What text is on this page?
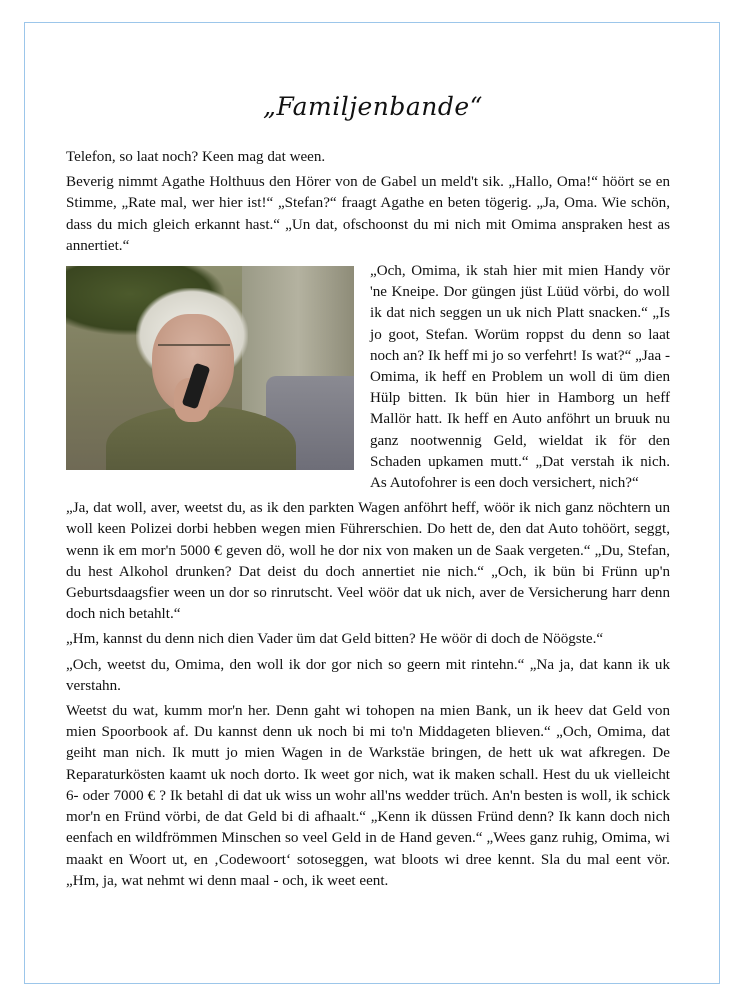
„Familjenbande“

Telefon, so laat noch? Keen mag dat ween.

Beverig nimmt Agathe Holthuus den Hörer von de Gabel un meld't sik. „Hallo, Oma!“ höört se en Stimme, „Rate mal, wer hier ist!“ „Stefan?“ fraagt Agathe en beten tögerig. „Ja, Oma. Wie schön, dass du mich gleich erkannt hast.“ „Un dat, ofschoonst du mi nich mit Omima anspraken hest as annertiet.“

„Och, Omima, ik stah hier mit mien Handy vör 'ne Kneipe. Dor güngen jüst Lüüd vörbi, do woll ik dat nich seggen un uk nich Platt snacken.“ „Is jo goot, Stefan. Worüm roppst du denn so laat noch an? Ik heff mi jo so verfehrt! Is wat?“ „Jaa - Omima, ik heff en Problem un woll di üm dien Hülp bitten. Ik bün hier in Hamborg un heff Mallör hatt. Ik heff en Auto anföhrt un bruuk nu ganz nootwennig Geld, wieldat ik för den Schaden upkamen mutt.“ „Dat verstah ik nich. As Autofohrer is een doch versichert, nich?“

„Ja, dat woll, aver, weetst du, as ik den parkten Wagen anföhrt heff, wöör ik nich ganz nöchtern un woll keen Polizei dorbi hebben wegen mien Führerschien. Do hett de, den dat Auto tohöört, seggt, wenn ik em mor'n 5000 € geven dö, woll he dor nix von maken un de Saak vergeten.“ „Du, Stefan, du hest Alkohol drunken? Dat deist du doch annertiet nie nich.“ „Och, ik bün bi Frünn up'n Geburtsdaagsfier ween un dor so rinrutscht. Veel wöör dat uk nich, aver de Versicherung harr denn doch nich betahlt.“

„Hm, kannst du denn nich dien Vader üm dat Geld bitten? He wöör di doch de Nöögste.“

„Och, weetst du, Omima, den woll ik dor gor nich so geern mit rintehn.“ „Na ja, dat kann ik uk verstahn.

Weetst du wat, kumm mor'n her. Denn gaht wi tohopen na mien Bank, un ik heev dat Geld von mien Spoorbook af. Du kannst denn uk noch bi mi to'n Middageten blieven.“ „Och, Omima, dat geiht man nich. Ik mutt jo mien Wagen in de Warkstäe bringen, de hett uk wat afkregen. De Reparaturkösten kaamt uk noch dorto. Ik weet gor nich, wat ik maken schall. Hest du uk vielleicht 6- oder 7000 € ? Ik betahl di dat uk wiss un wohr all'ns wedder trüch. An'n besten is woll, ik schick mor'n en Fründ vörbi, de dat Geld bi di afhaalt.“ „Kenn ik düssen Fründ denn? Ik kann doch nich eenfach en wildfrömmen Minschen so veel Geld in de Hand geven.“ „Wees ganz ruhig, Omima, wi maakt en Woort ut, en ‚Codewoort‘ sotoseggen, wat bloots wi dree kennt. Sla du mal eent vör. „Hm, ja, wat nehmt wi denn maal - och, ik weet eent.
